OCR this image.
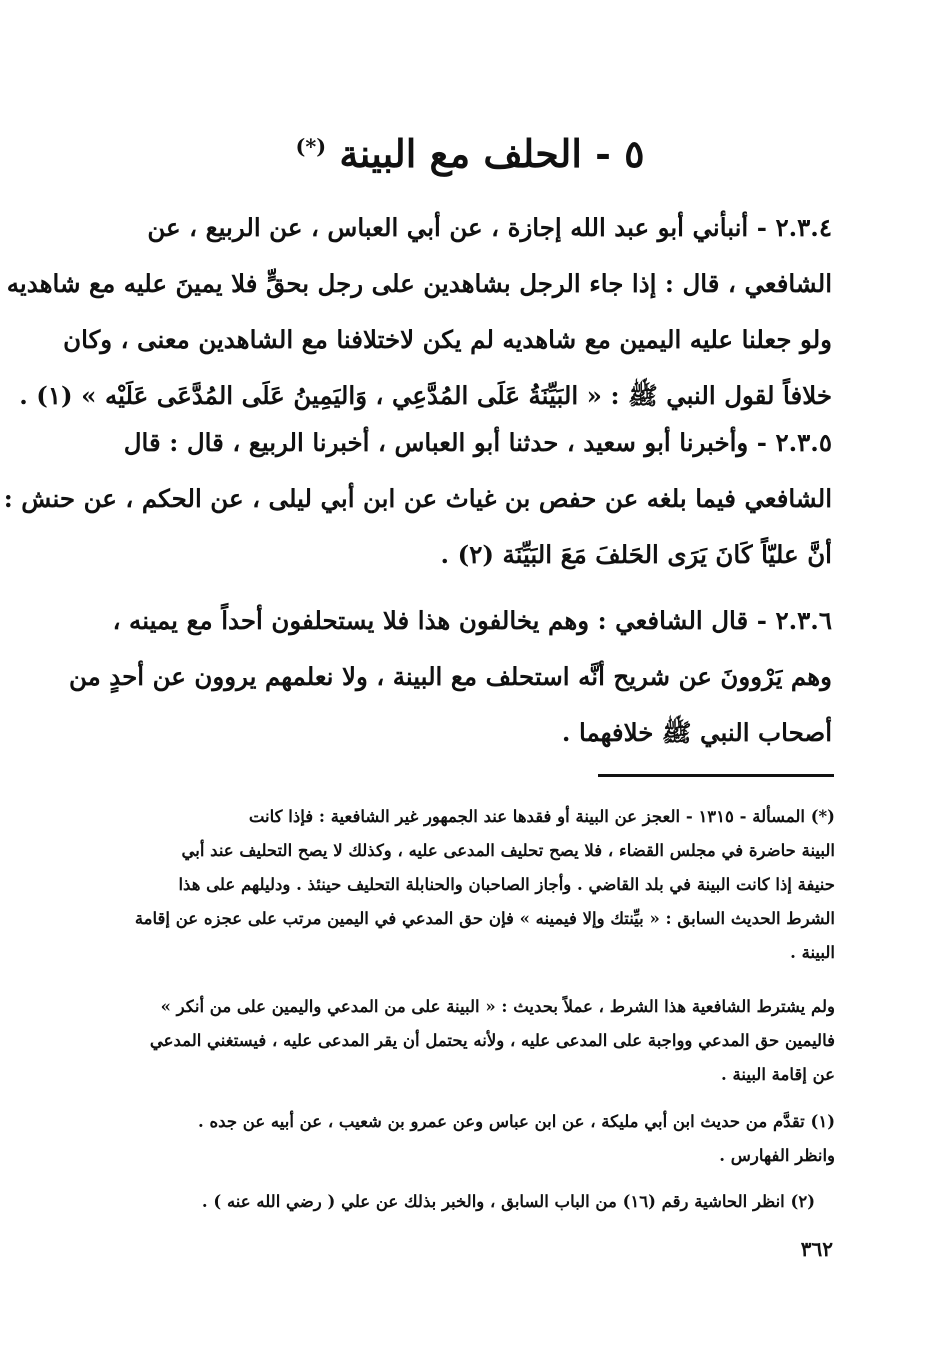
٥ - الحلف مع البينة (*)
٢.٣.٤ - أنبأني أبو عبد الله إجازة ، عن أبي العباس ، عن الربيع ، عن
الشافعي ، قال : إذا جاء الرجل بشاهدين على رجل بحقٍّ فلا يمينَ عليه مع شاهديه
ولو جعلنا عليه اليمين مع شاهديه لم يكن لاختلافنا مع الشاهدين معنى ، وكان
خلافاً لقول النبي ﷺ : « البَيِّنَةُ عَلَى المُدَّعِي ، وَاليَمِينُ عَلَى المُدَّعَى عَلَيْه » (١) .
٢.٣.٥ - وأخبرنا أبو سعيد ، حدثنا أبو العباس ، أخبرنا الربيع ، قال : قال
الشافعي فيما بلغه عن حفص بن غياث عن ابن أبي ليلى ، عن الحكم ، عن حنش :
أنَّ عليّاً كَانَ يَرَى الحَلفَ مَعَ البَيِّنَة (٢) .
٢.٣.٦ - قال الشافعي : وهم يخالفون هذا فلا يستحلفون أحداً مع يمينه ،
وهم يَرْوونَ عن شريح أنَّه استحلف مع البينة ، ولا نعلمهم يروون عن أحدٍ من
أصحاب النبي ﷺ خلافهما .
(*) المسألة - ١٣١٥ - العجز عن البينة أو فقدها عند الجمهور غير الشافعية : فإذا كانت
البينة حاضرة في مجلس القضاء ، فلا يصح تحليف المدعى عليه ، وكذلك لا يصح التحليف عند أبي
حنيفة إذا كانت البينة في بلد القاضي . وأجاز الصاحبان والحنابلة التحليف حينئذ . ودليلهم على هذا
الشرط الحديث السابق : « بيِّنتك وإلا فيمينه » فإن حق المدعي في اليمين مرتب على عجزه عن إقامة
البينة .
ولم يشترط الشافعية هذا الشرط ، عملاً بحديث : « البينة على من المدعي واليمين على من أنكر »
فاليمين حق المدعي وواجبة على المدعى عليه ، ولأنه يحتمل أن يقر المدعى عليه ، فيستغني المدعي
عن إقامة البينة .
(١) تقدَّم من حديث ابن أبي مليكة ، عن ابن عباس وعن عمرو بن شعيب ، عن أبيه عن جده .
وانظر الفهارس .
(٢) انظر الحاشية رقم (١٦) من الباب السابق ، والخبر بذلك عن علي ( رضي الله عنه ) .
٣٦٢
